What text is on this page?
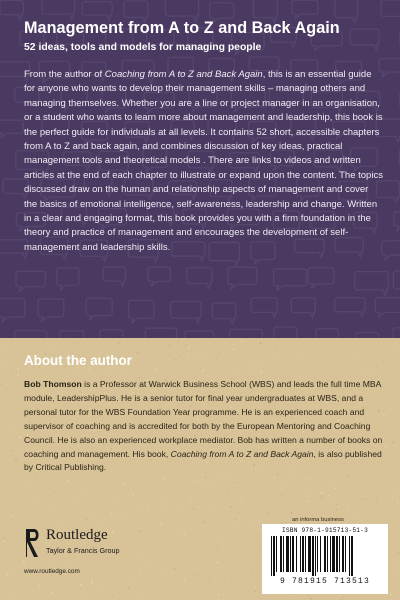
Management from A to Z and Back Again
52 ideas, tools and models for managing people
From the author of Coaching from A to Z and Back Again, this is an essential guide for anyone who wants to develop their management skills – managing others and managing themselves. Whether you are a line or project manager in an organisation, or a student who wants to learn more about management and leadership, this book is the perfect guide for individuals at all levels. It contains 52 short, accessible chapters from A to Z and back again, and combines discussion of key ideas, practical management tools and theoretical models . There are links to videos and written articles at the end of each chapter to illustrate or expand upon the content. The topics discussed draw on the human and relationship aspects of management and cover the basics of emotional intelligence, self-awareness, leadership and change. Written in a clear and engaging format, this book provides you with a firm foundation in the theory and practice of management and encourages the development of self-management and leadership skills.
About the author
Bob Thomson is a Professor at Warwick Business School (WBS) and leads the full time MBA module, LeadershipPlus. He is a senior tutor for final year undergraduates at WBS, and a personal tutor for the WBS Foundation Year programme. He is an experienced coach and supervisor of coaching and is accredited for both by the European Mentoring and Coaching Council. He is also an experienced workplace mediator. Bob has written a number of books on coaching and management. His book, Coaching from A to Z and Back Again, is also published by Critical Publishing.
Routledge
Taylor & Francis Group
www.routledge.com
an informa business
ISBN 978-1-915713-51-3
9 781915 713513
